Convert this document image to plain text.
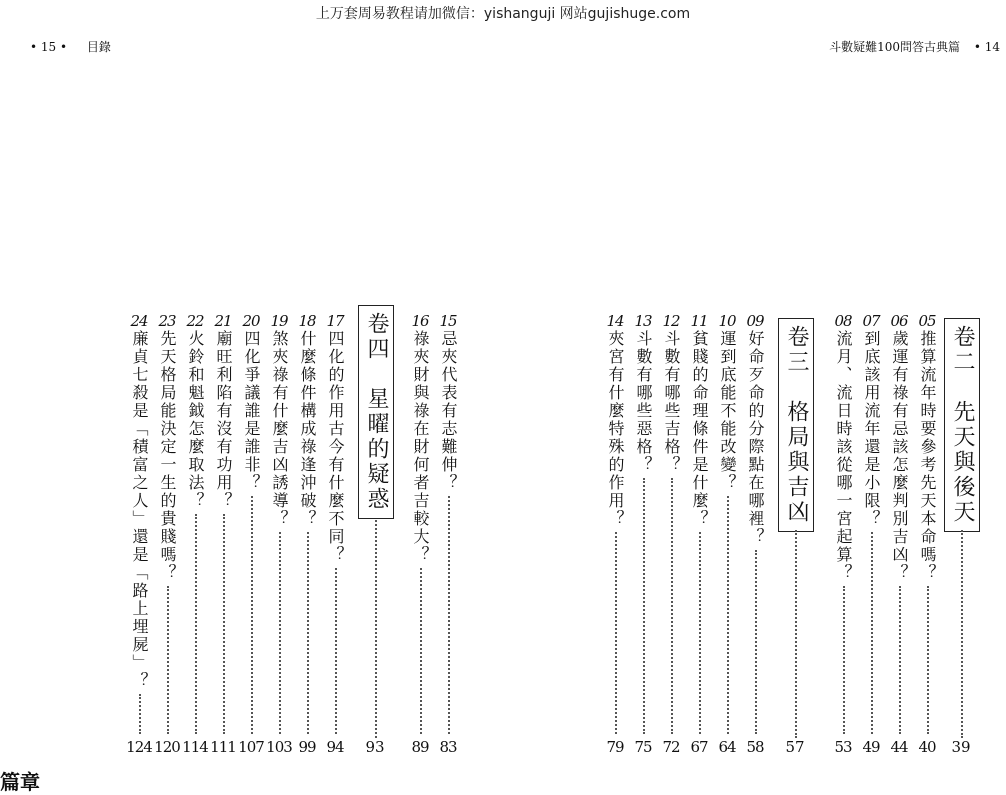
上万套周易教程请加微信：yishanguji 网站gujishuge.com
• 15 • 目錄	斗數疑難100問答古典篇 • 14
卷二　先天與後天
39
卷三　格局與吉凶
57
卷四　星曜的疑惑
93
05
推算流年時要參考先天本命嗎？
40
06
歲運有祿有忌該怎麼判別吉凶？
44
07
到底該用流年還是小限？
49
08
流月、流日時該從哪一宮起算？
53
09
好命歹命的分際點在哪裡？
58
10
運到底能不能改變？
64
11
貧賤的命理條件是什麼？
67
12
斗數有哪些吉格？
72
13
斗數有哪些惡格？
75
14
夾宮有什麼特殊的作用？
79
15
忌夾代表有志難伸？
83
16
祿夾財與祿在財何者吉較大？
89
17
四化的作用古今有什麼不同？
94
18
什麼條件構成祿逢沖破？
99
19
煞夾祿有什麼吉凶誘導？
103
20
四化爭議誰是誰非？
107
21
廟旺利陷有沒有功用？
111
22
火鈴和魁鉞怎麼取法？
114
23
先天格局能決定一生的貴賤嗎？
120
24
廉貞七殺是「積富之人」還是「路上埋屍」？
124
篇章
